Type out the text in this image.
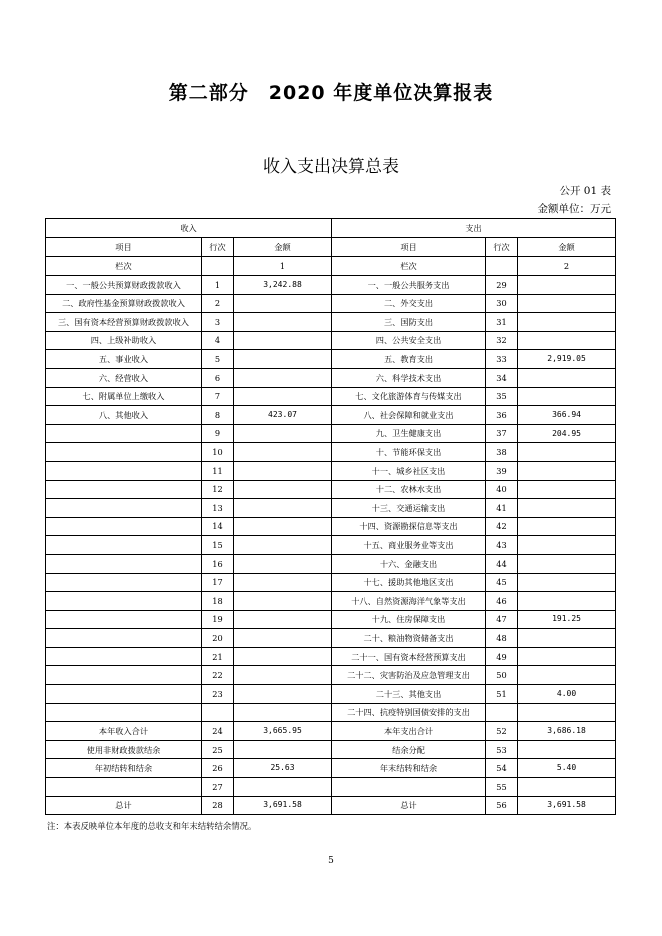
第二部分　2020 年度单位决算报表
收入支出决算总表
公开 01 表
金额单位：万元
收入			支出		
项目	行次	金额	项目	行次	金额
栏次		1	栏次		2
一、一般公共预算财政拨款收入	1	3,242.88	一、一般公共服务支出	29	
二、政府性基金预算财政拨款收入	2		二、外交支出	30	
三、国有资本经营预算财政拨款收入	3		三、国防支出	31	
四、上级补助收入	4		四、公共安全支出	32	
五、事业收入	5		五、教育支出	33	2,919.05
六、经营收入	6		六、科学技术支出	34	
七、附属单位上缴收入	7		七、文化旅游体育与传媒支出	35	
八、其他收入	8	423.07	八、社会保障和就业支出	36	366.94
	9		九、卫生健康支出	37	204.95
	10		十、节能环保支出	38	
	11		十一、城乡社区支出	39	
	12		十二、农林水支出	40	
	13		十三、交通运输支出	41	
	14		十四、资源勘探信息等支出	42	
	15		十五、商业服务业等支出	43	
	16		十六、金融支出	44	
	17		十七、援助其他地区支出	45	
	18		十八、自然资源海洋气象等支出	46	
	19		十九、住房保障支出	47	191.25
	20		二十、粮油物资储备支出	48	
	21		二十一、国有资本经营预算支出	49	
	22		二十二、灾害防治及应急管理支出	50	
	23		二十三、其他支出	51	4.00
			二十四、抗疫特别国债安排的支出		
本年收入合计	24	3,665.95	本年支出合计	52	3,686.18
使用非财政拨款结余	25		结余分配	53	
年初结转和结余	26	25.63	年末结转和结余	54	5.40
	27			55	
总计	28	3,691.58	总计	56	3,691.58
注：本表反映单位本年度的总收支和年末结转结余情况。
5
